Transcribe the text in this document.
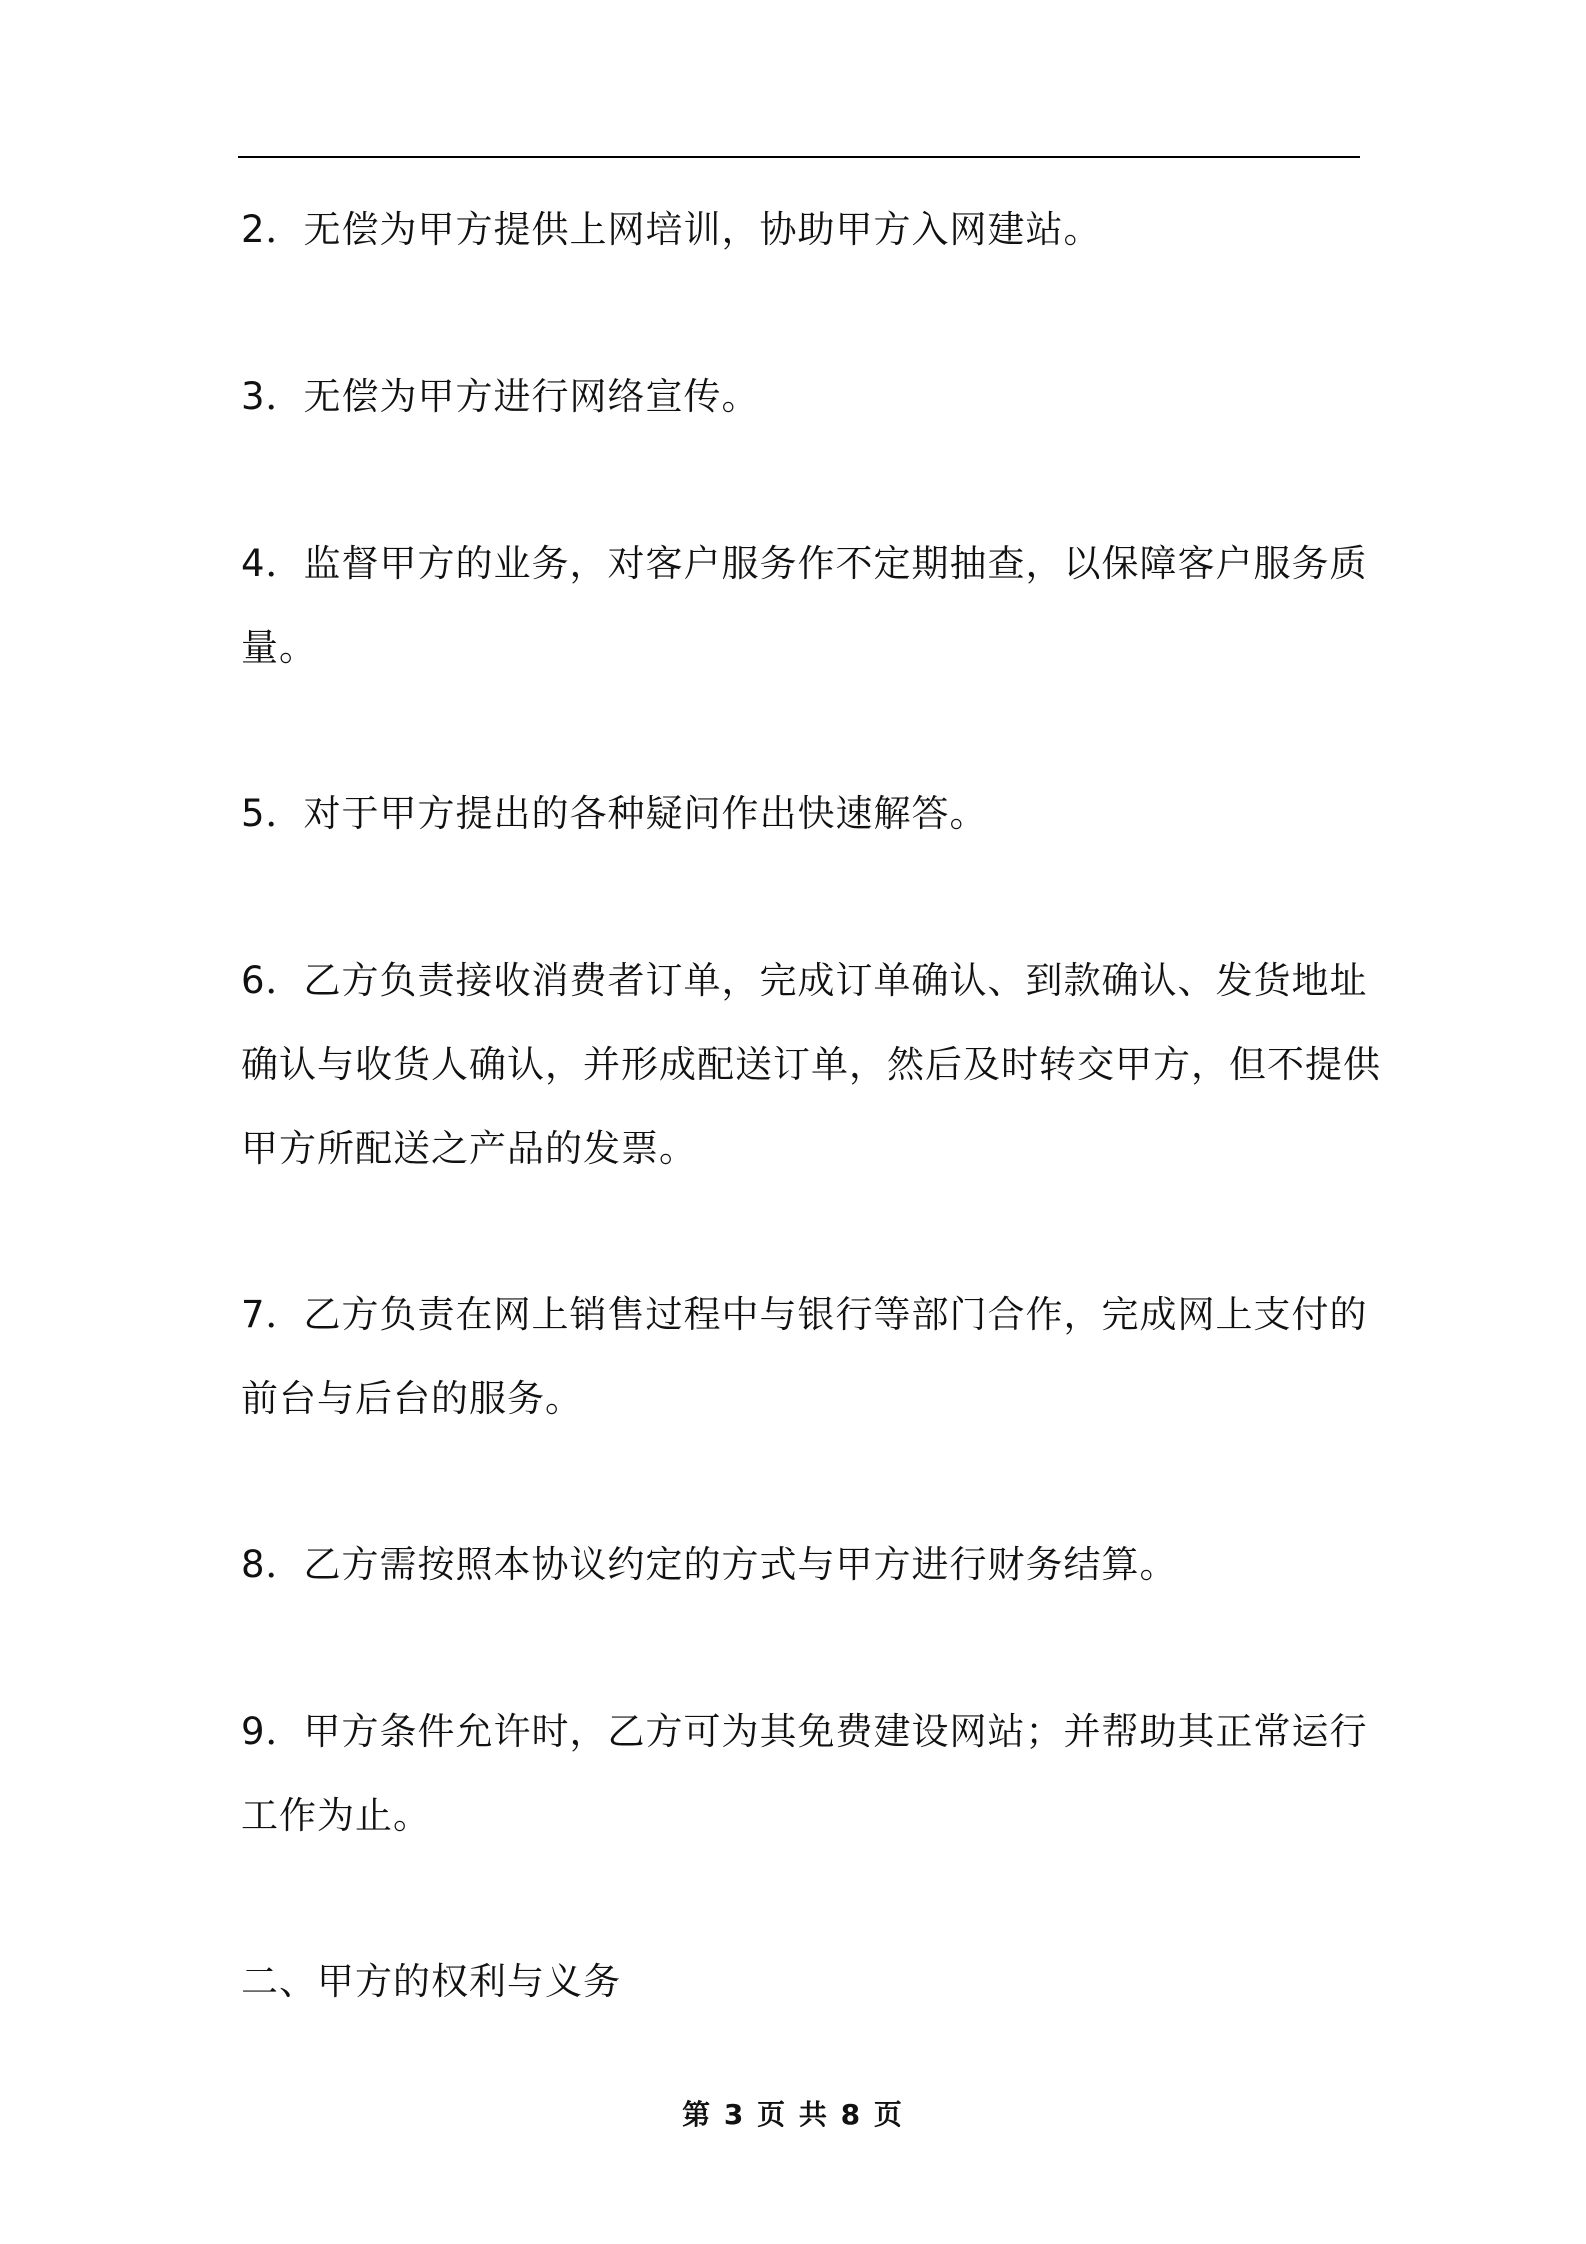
2．无偿为甲方提供上网培训，协助甲方入网建站。

3．无偿为甲方进行网络宣传。

4．监督甲方的业务，对客户服务作不定期抽查，以保障客户服务质
量。

5．对于甲方提出的各种疑问作出快速解答。

6．乙方负责接收消费者订单，完成订单确认、到款确认、发货地址
确认与收货人确认，并形成配送订单，然后及时转交甲方，但不提供
甲方所配送之产品的发票。

7．乙方负责在网上销售过程中与银行等部门合作，完成网上支付的
前台与后台的服务。

8．乙方需按照本协议约定的方式与甲方进行财务结算。

9．甲方条件允许时，乙方可为其免费建设网站；并帮助其正常运行
工作为止。

二、甲方的权利与义务
第 3 页 共 8 页
